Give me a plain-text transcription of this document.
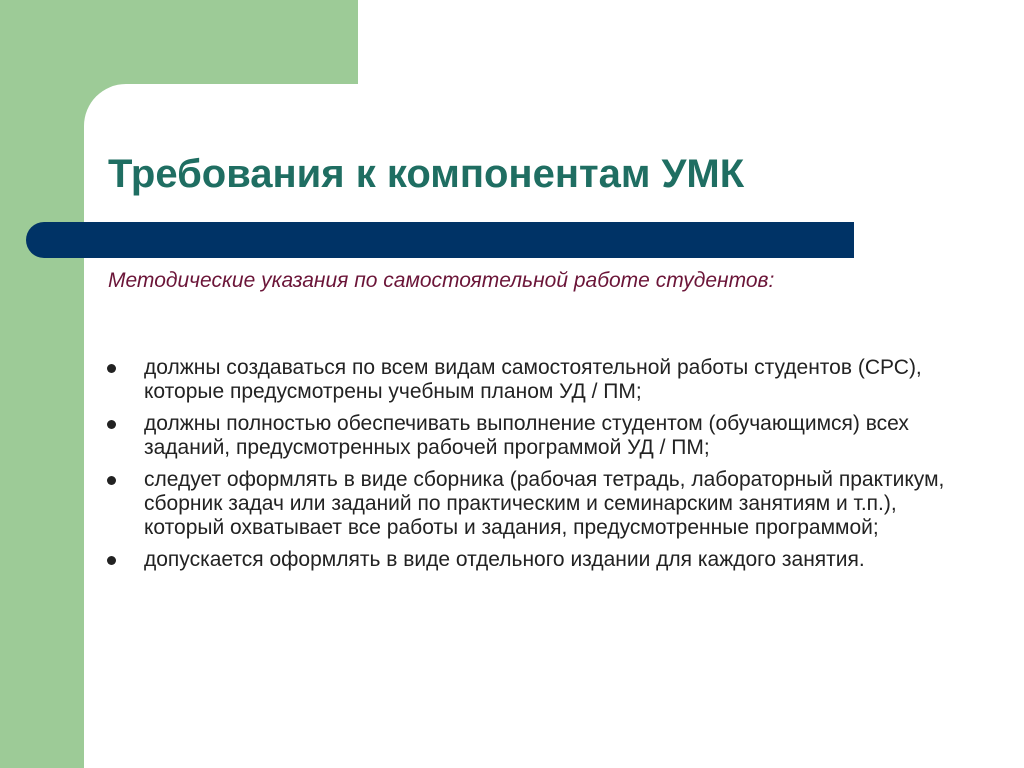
Требования к компонентам УМК
Методические указания по самостоятельной работе студентов:
должны создаваться по всем видам самостоятельной работы студентов (СРС), которые предусмотрены учебным планом УД / ПМ;
должны полностью обеспечивать выполнение студентом (обучающимся) всех заданий, предусмотренных рабочей программой УД / ПМ;
следует оформлять в виде сборника (рабочая тетрадь, лабораторный практикум, сборник задач или заданий по практическим и семинарским занятиям и т.п.), который охватывает все работы и задания, предусмотренные программой;
допускается оформлять в виде отдельного издании для каждого занятия.
